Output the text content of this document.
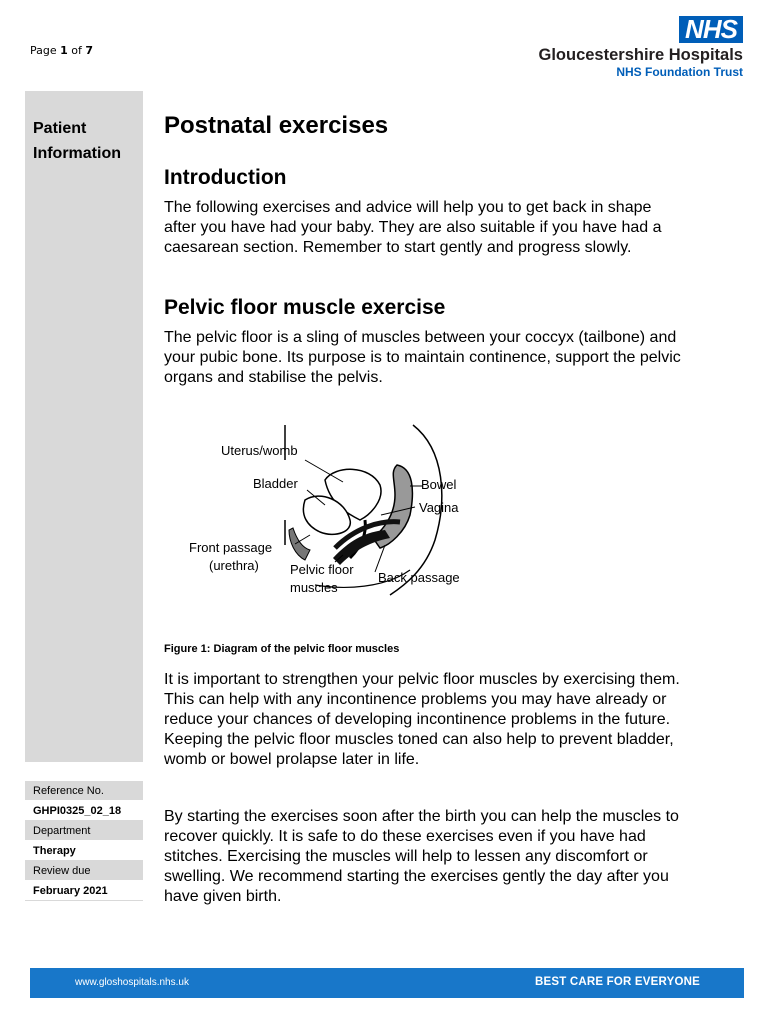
Page 1 of 7
NHS
Gloucestershire Hospitals
NHS Foundation Trust
Patient
Information
Reference No.
GHPI0325_02_18
Department
Therapy
Review due
February 2021
Postnatal exercises
Introduction

The following exercises and advice will help you to get back in shape after you have had your baby. They are also suitable if you have had a caesarean section. Remember to start gently and progress slowly.

Pelvic floor muscle exercise

The pelvic floor is a sling of muscles between your coccyx (tailbone) and your pubic bone. Its purpose is to maintain continence, support the pelvic organs and stabilise the pelvis.

Uterus/womb
Bladder	Bowel
Vagina
Front passage
(urethra) Pelvic floor
muscles
Back passage
Figure 1: Diagram of the pelvic floor muscles

It is important to strengthen your pelvic floor muscles by exercising them. This can help with any incontinence problems you may have already or reduce your chances of developing incontinence problems in the future. Keeping the pelvic floor muscles toned can also help to prevent bladder, womb or bowel prolapse later in life.

By starting the exercises soon after the birth you can help the muscles to recover quickly. It is safe to do these exercises even if you have had stitches. Exercising the muscles will help to lessen any discomfort or swelling. We recommend starting the exercises gently the day after you have given birth.

www.gloshospitals.nhs.uk	BEST CARE FOR EVERYONE
